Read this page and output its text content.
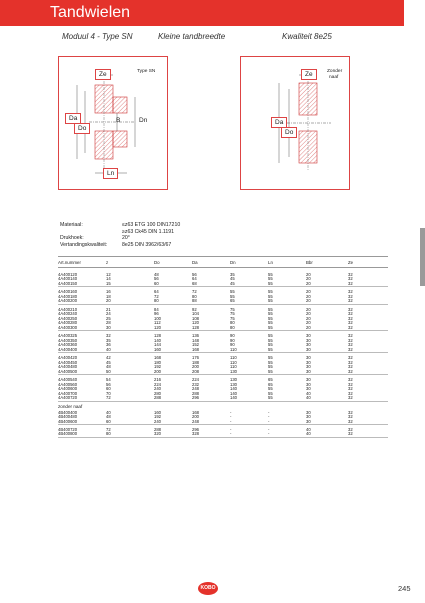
Tandwielen
Moduul 4 - Type SN	Kleine tandbreedte	Kwaliteit 8e25
Ze	Type SN
Da
Do
B	Dn
Ln
Ze	Zonder
naaf
Da
Do
Materiaal:	≤z63 ETG 100 DIN17210
≥z63 Ck45 DIN 1.1191
Drukhoek:	20°
Vertandingskwaliteit:	8e25 DIN 3962/63/67
Art.nummer	z	Do	Da	Dn	Ln	Bbr	Ze
4A400120	12	48	56	35	55	20	32
4A400140	14	56	64	45	55	20	32
4A400150	15	60	68	45	55	20	32
4A400160	16	64	72	55	55	20	32
4A400180	18	72	80	55	55	20	32
4A400200	20	80	88	65	55	20	32
4A400210	21	84	92	75	55	20	32
4A400240	24	96	104	75	55	20	32
4A400250	25	100	108	75	55	20	32
4A400280	28	112	120	80	55	20	32
4A400300	30	120	128	80	55	20	32
4A400325	32	128	136	90	55	30	32
4A400350	35	140	148	90	55	30	32
4A400360	36	144	152	90	55	30	32
4A400400	40	160	168	110	55	30	32
4A400420	42	168	176	110	55	30	32
4A400450	45	180	188	110	55	30	32
4A400480	48	192	200	110	55	30	32
4A400500	50	200	208	130	55	30	32
4A400540	54	216	224	130	65	30	32
4A400560	56	224	232	130	65	30	32
4A400600	60	240	248	140	55	30	32
4A400700	70	280	288	140	55	40	32
4A400720	72	288	296	140	55	40	32
zonder naaf
4B400400	40	160	168	-	-	30	32
4B400480	48	192	200	-	-	30	32
4B400600	60	240	248	-	-	30	32
4B400720	72	288	296	-	-	40	32
4B400800	80	320	328	-	-	40	32
KOBO	245
